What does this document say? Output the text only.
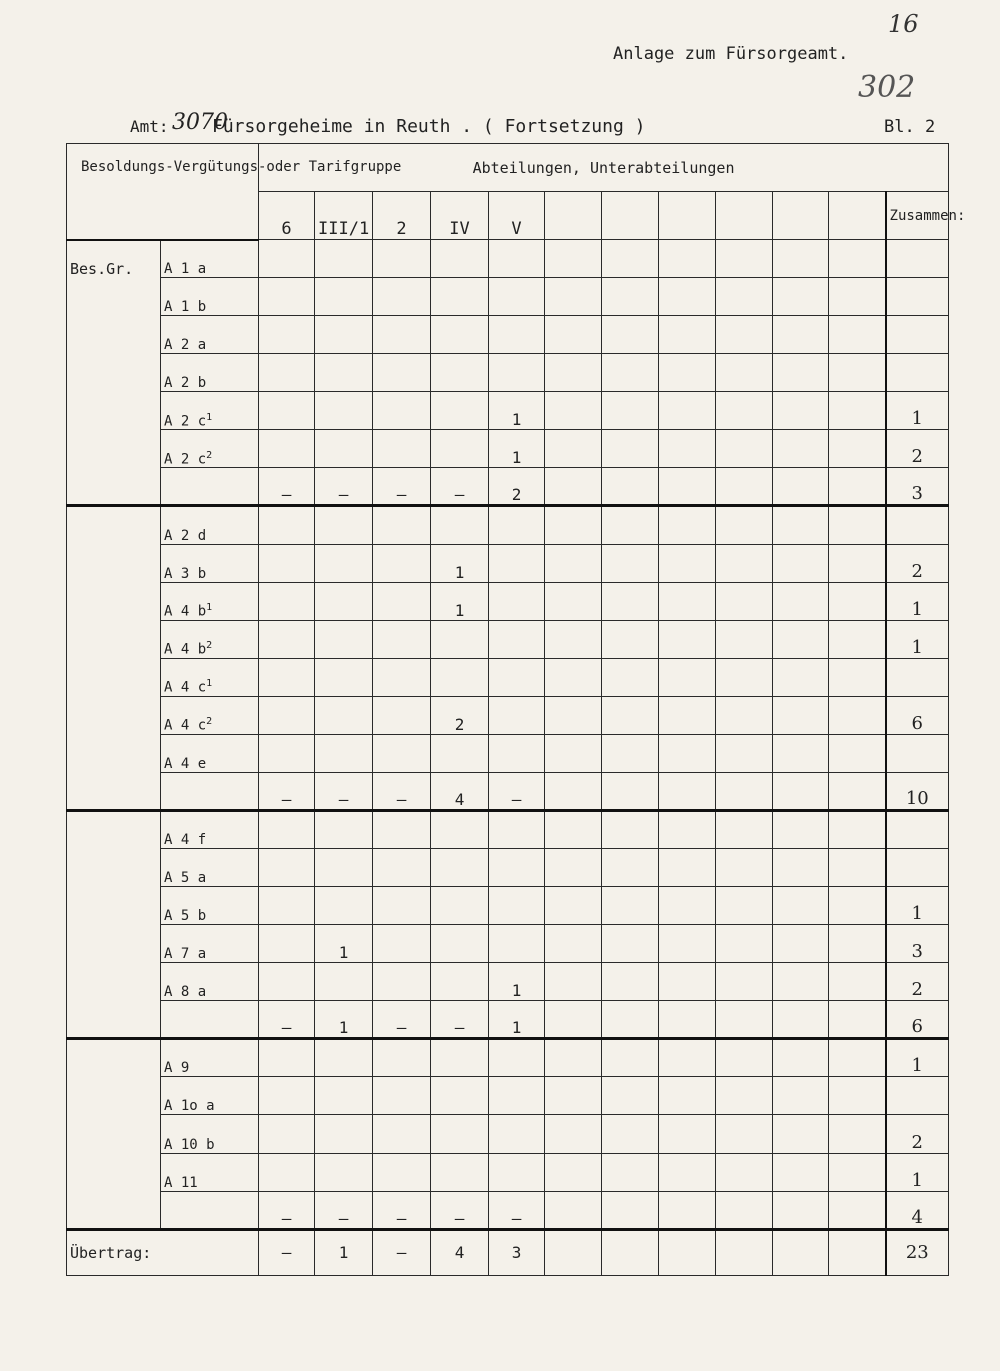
16
Anlage zum Fürsorgeamt.
302
Amt: 3070
Fürsorgeheime in Reuth . ( Fortsetzung )	Bl. 2
Besoldungs-Vergütungs-oder Tarifgruppe		Abteilungen, Unterabteilungen											
		6	III/1	2	IV	V							Zusammen:
Bes.Gr.	A 1 a												
	A 1 b												
	A 2 a												
	A 2 b												
	A 2 $c^1$					1							1
	A 2 $c^2$					1							2
		–	–	–	–	2							3
	A 2 d												
	A 3 b				1								2
	A 4 $b^1$				1								1
	A 4 $b^2$												1
	A 4 $c^1$												
	A 4 $c^2$				2								6
	A 4 e												
		–	–	–	4	–							10
	A 4 f												
	A 5 a												
	A 5 b												1
	A 7 a		1										3
	A 8 a					1							2
		–	1	–	–	1							6
	A 9												1
	A 1o a												
	A 10 b												2
	A 11												1
		–	–	–	–	–							4
Übertrag:		–	1	–	4	3							23
